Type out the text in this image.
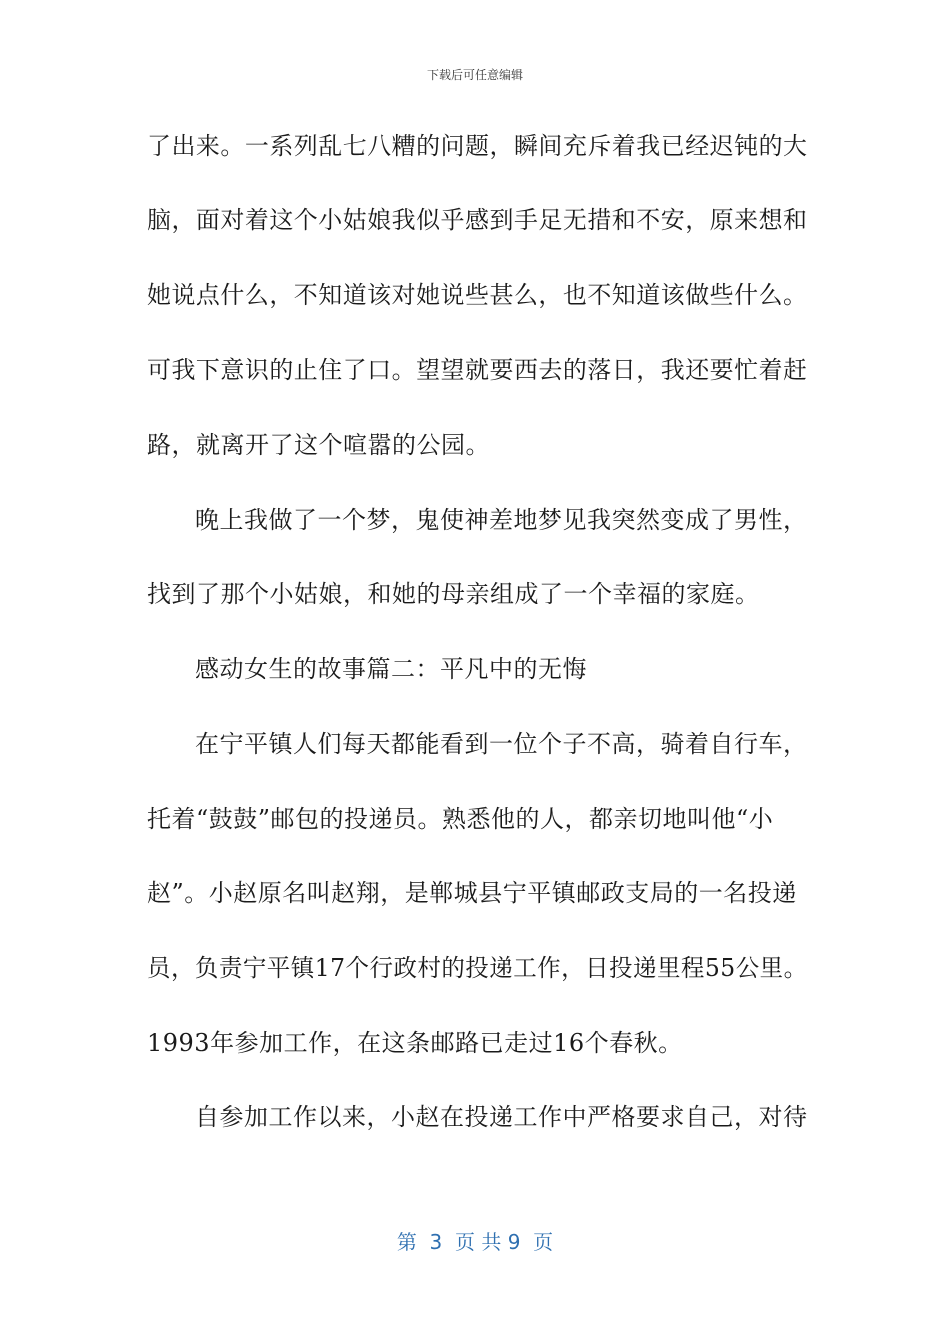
下载后可任意编辑
了出来。一系列乱七八糟的问题，瞬间充斥着我已经迟钝的大
脑，面对着这个小姑娘我似乎感到手足无措和不安，原来想和
她说点什么，不知道该对她说些甚么，也不知道该做些什么。
可我下意识的止住了口。望望就要西去的落日，我还要忙着赶
路，就离开了这个喧嚣的公园。
晚上我做了一个梦，鬼使神差地梦见我突然变成了男性，
找到了那个小姑娘，和她的母亲组成了一个幸福的家庭。
感动女生的故事篇二：平凡中的无悔
在宁平镇人们每天都能看到一位个子不高，骑着自行车，
托着“鼓鼓”邮包的投递员。熟悉他的人，都亲切地叫他“小
赵”。小赵原名叫赵翔，是郸城县宁平镇邮政支局的一名投递
员，负责宁平镇17个行政村的投递工作，日投递里程55公里。
1993年参加工作，在这条邮路已走过16个春秋。
自参加工作以来，小赵在投递工作中严格要求自己，对待
第  3  页 共 9  页
